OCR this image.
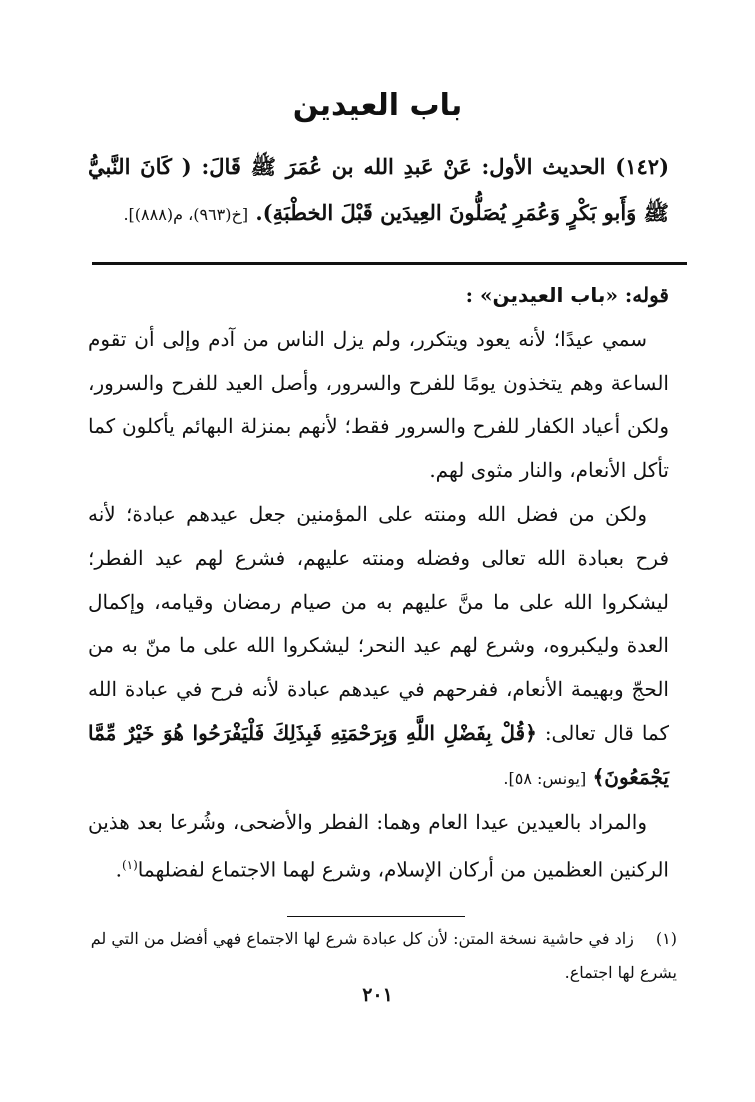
باب العيدين

(١٤٢) الحديث الأول: عَنْ عَبدِ الله بن عُمَرَ ﷺ قَالَ: ( كَانَ النَّبيُّ ﷺ وَأَبو بَكْرٍ وَعُمَرِ يُصَلُّونَ العِيدَين قَبْلَ الخطْبَةِ). [خ(٩٦٣)، م(٨٨٨)].

قوله: «باب العيدين» :

سمي عيدًا؛ لأنه يعود ويتكرر، ولم يزل الناس من آدم وإلى أن تقوم الساعة وهم يتخذون يومًا للفرح والسرور، وأصل العيد للفرح والسرور، ولكن أعياد الكفار للفرح والسرور فقط؛ لأنهم بمنزلة البهائم يأكلون كما تأكل الأنعام، والنار مثوى لهم.

ولكن من فضل الله ومنته على المؤمنين جعل عيدهم عبادة؛ لأنه فرح بعبادة الله تعالى وفضله ومنته عليهم، فشرع لهم عيد الفطر؛ ليشكروا الله على ما منَّ عليهم به من صيام رمضان وقيامه، وإكمال العدة وليكبروه، وشرع لهم عيد النحر؛ ليشكروا الله على ما منّ به من الحجّ وبهيمة الأنعام، ففرحهم في عيدهم عبادة لأنه فرح في عبادة الله كما قال تعالى: ﴿قُلْ بِفَضْلِ اللَّهِ وَبِرَحْمَتِهِ فَبِذَلِكَ فَلْيَفْرَحُوا هُوَ خَيْرٌ مِّمَّا يَجْمَعُونَ﴾ [يونس: ٥٨].

والمراد بالعيدين عيدا العام وهما: الفطر والأضحى، وشُرعا بعد هذين الركنين العظمين من أركان الإسلام، وشرع لهما الاجتماع لفضلهما$^{(١)}$.

(١)زاد في حاشية نسخة المتن: لأن كل عبادة شرع لها الاجتماع فهي أفضل من التي لم يشرع لها اجتماع.

٢٠١
